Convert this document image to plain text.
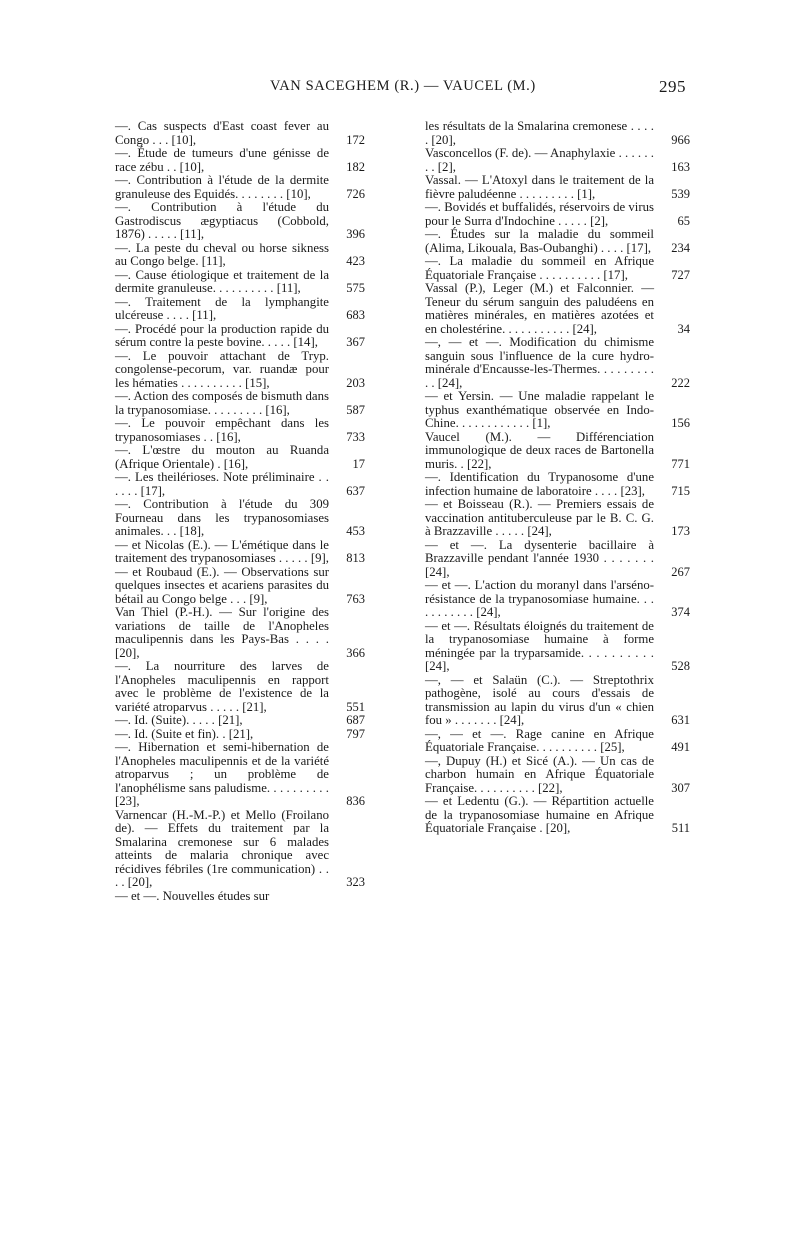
VAN SACEGHEM (R.) — VAUCEL (M.)	295
—. Cas suspects d'East coast fever au Congo . . . [10],	172
—. Étude de tumeurs d'une génisse de race zébu . . [10],	182
—. Contribution à l'étude de la dermite granuleuse des Equidés. . . . . . . . [10],	726
—. Contribution à l'étude du Gastrodiscus ægyptiacus (Cobbold, 1876) . . . . . [11],	396
—. La peste du cheval ou horse sikness au Congo belge. [11],	423
—. Cause étiologique et traitement de la dermite granuleuse. . . . . . . . . . [11],	575
—. Traitement de la lymphangite ulcéreuse . . . . [11],	683
—. Procédé pour la production rapide du sérum contre la peste bovine. . . . . [14],	367
—. Le pouvoir attachant de Tryp. congolense-pecorum, var. ruandæ pour les hématies . . . . . . . . . . [15],	203
—. Action des composés de bismuth dans la trypanosomiase. . . . . . . . . [16],	587
—. Le pouvoir empêchant dans les trypanosomiases . . [16],	733
—. L'œstre du mouton au Ruanda (Afrique Orientale) . [16],	17
—. Les theilérioses. Note préliminaire . . . . . . [17],	637
—. Contribution à l'étude du 309 Fourneau dans les trypanosomiases animales. . . [18],	453
— et Nicolas (E.). — L'émétique dans le traitement des trypanosomiases . . . . . [9],	813
— et Roubaud (E.). — Observations sur quelques insectes et acariens parasites du bétail au Congo belge . . . [9],	763
Van Thiel (P.-H.). — Sur l'origine des variations de taille de l'Anopheles maculipennis dans les Pays-Bas . . . . [20],	366
—. La nourriture des larves de l'Anopheles maculipennis en rapport avec le problème de l'existence de la variété atroparvus . . . . . [21],	551
—. Id. (Suite). . . . . [21],	687
—. Id. (Suite et fin). . [21],	797
—. Hibernation et semi-hibernation de l'Anopheles maculipennis et de la variété atroparvus ; un problème de l'anophélisme sans paludisme. . . . . . . . . . [23],	836
Varnencar (H.-M.-P.) et Mello (Froilano de). — Effets du traitement par la Smalarina cremonese sur 6 malades atteints de malaria chronique avec récidives fébriles (1re communication) . . . . [20],	323
— et —. Nouvelles études sur
les résultats de la Smalarina cremonese . . . . . [20],	966
Vasconcellos (F. de). — Anaphylaxie . . . . . . . . [2],	163
Vassal. — L'Atoxyl dans le traitement de la fièvre paludéenne . . . . . . . . . [1],	539
—. Bovidés et buffalidés, réservoirs de virus pour le Surra d'Indochine . . . . . [2],	65
—. Études sur la maladie du sommeil (Alima, Likouala, Bas-Oubanghi) . . . . [17],	234
—. La maladie du sommeil en Afrique Équatoriale Française . . . . . . . . . . [17],	727
Vassal (P.), Leger (M.) et Falconnier. — Teneur du sérum sanguin des paludéens en matières minérales, en matières azotées et en cholestérine. . . . . . . . . . . [24],	34
—, — et —. Modification du chimisme sanguin sous l'influence de la cure hydro-minérale d'Encausse-les-Thermes. . . . . . . . . . . [24],	222
— et Yersin. — Une maladie rappelant le typhus exanthématique observée en Indo-Chine. . . . . . . . . . . . [1],	156
Vaucel (M.). — Différenciation immunologique de deux races de Bartonella muris. . [22],	771
—. Identification du Trypanosome d'une infection humaine de laboratoire . . . . [23],	715
— et Boisseau (R.). — Premiers essais de vaccination antituberculeuse par le B. C. G. à Brazzaville . . . . . [24],	173
— et —. La dysenterie bacillaire à Brazzaville pendant l'année 1930 . . . . . . . [24],	267
— et —. L'action du moranyl dans l'arséno-résistance de la trypanosomiase humaine. . . . . . . . . . . [24],	374
— et —. Résultats éloignés du traitement de la trypanosomiase humaine à forme méningée par la tryparsamide. . . . . . . . . . [24],	528
—, — et Salaün (C.). — Streptothrix pathogène, isolé au cours d'essais de transmission au lapin du virus d'un « chien fou » . . . . . . . [24],	631
—, — et —. Rage canine en Afrique Équatoriale Française. . . . . . . . . . [25],	491
—, Dupuy (H.) et Sicé (A.). — Un cas de charbon humain en Afrique Équatoriale Française. . . . . . . . . . [22],	307
— et Ledentu (G.). — Répartition actuelle de la trypanosomiase humaine en Afrique Équatoriale Française . [20],	511
